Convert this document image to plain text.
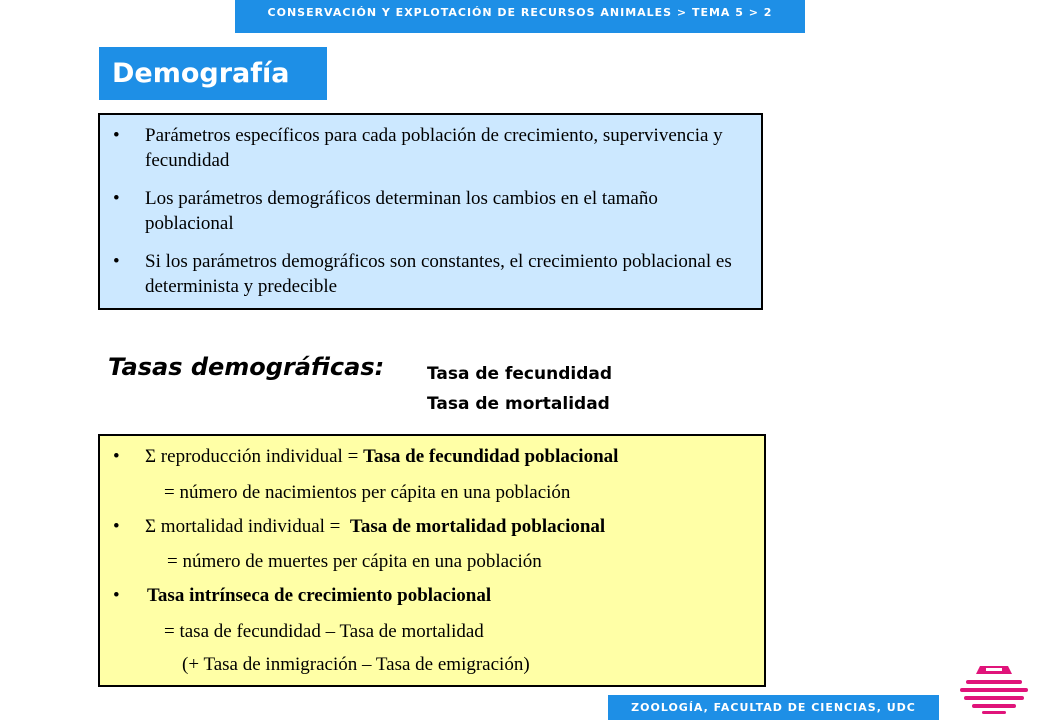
CONSERVACIÓN Y EXPLOTACIÓN DE RECURSOS ANIMALES > TEMA 5 > 2
Demografía
• Parámetros específicos para cada población de crecimiento, supervivencia y fecundidad
• Los parámetros demográficos determinan los cambios en el tamaño poblacional
• Si los parámetros demográficos son constantes, el crecimiento poblacional es determinista y predecible
Tasas demográficas:	Tasa de fecundidad
Tasa de mortalidad
• Σ reproducción individual = Tasa de fecundidad poblacional
= número de nacimientos per cápita en una población
• Σ mortalidad individual =  Tasa de mortalidad poblacional
= número de muertes per cápita en una población
• Tasa intrínseca de crecimiento poblacional
= tasa de fecundidad – Tasa de mortalidad
(+ Tasa de inmigración – Tasa de emigración)
ZOOLOGÍA, FACULTAD DE CIENCIAS, UDC
